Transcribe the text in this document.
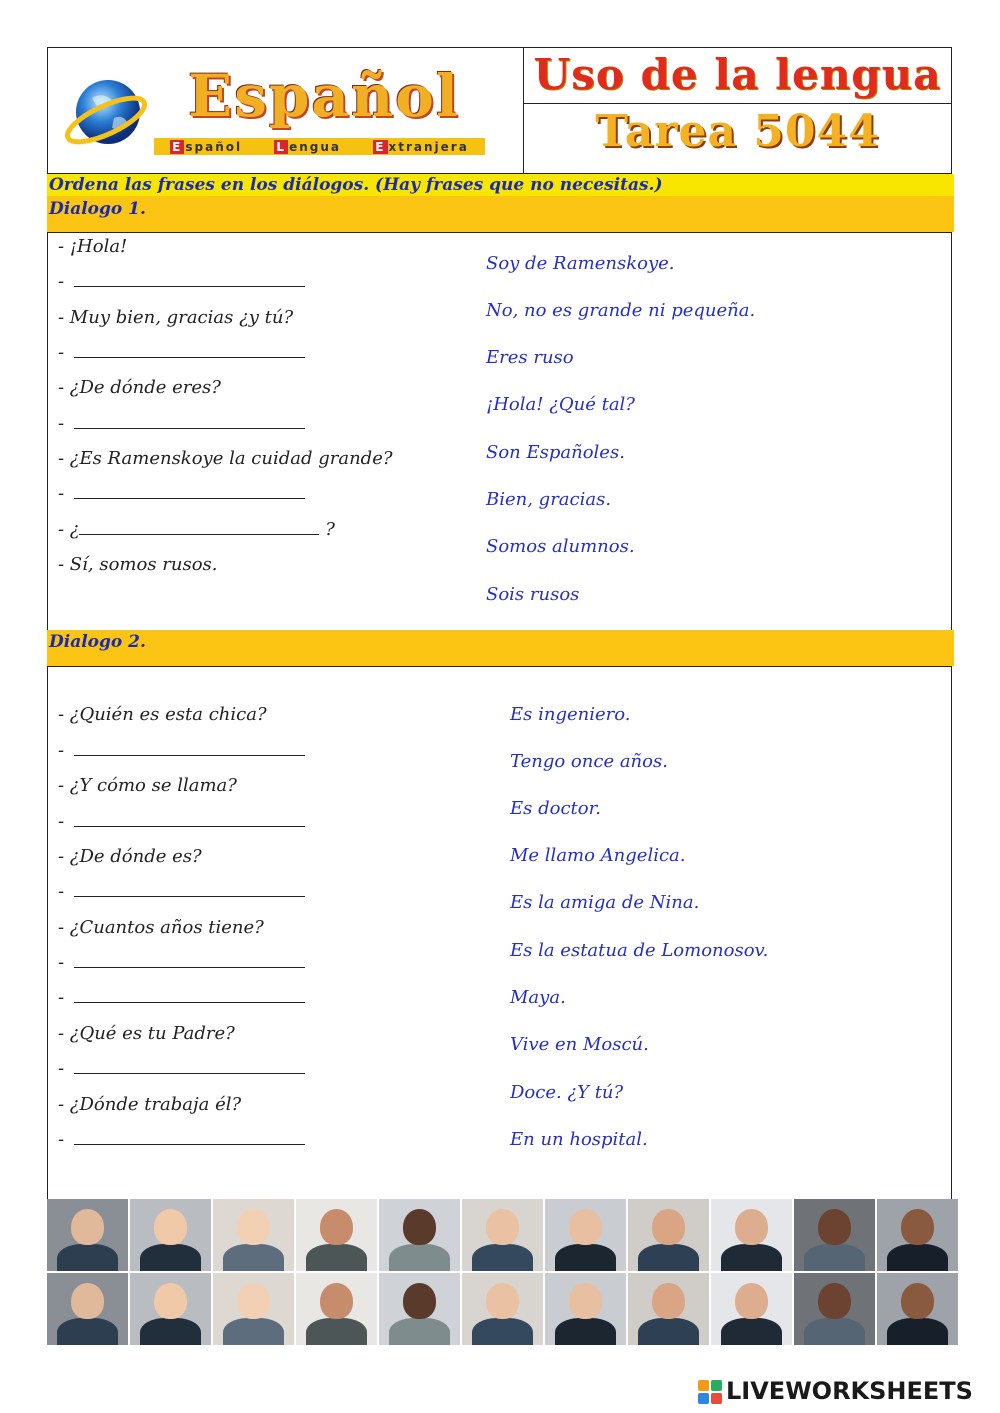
Español
E spañol	L engua	E xtranjera
Uso de la lengua
Tarea 5044
Ordena las frases en los diálogos. (Hay frases que no necesitas.)
Dialogo 1.
- ¡Hola!
-
- Muy bien, gracias ¿y tú?
-
- ¿De dónde eres?
-
- ¿Es Ramenskoye la cuidad grande?
-
- ¿	?
- Sí, somos rusos.
Soy de Ramenskoye.
No, no es grande ni pequeña.
Eres ruso
¡Hola! ¿Qué tal?
Son Españoles.
Bien, gracias.
Somos alumnos.
Sois rusos
Dialogo 2.
- ¿Quién es esta chica?
-
- ¿Y cómo se llama?
-
- ¿De dónde es?
-
- ¿Cuantos años tiene?
-
-
- ¿Qué es tu Padre?
-
- ¿Dónde trabaja él?
-
Es ingeniero.
Tengo once años.
Es doctor.
Me llamo Angelica.
Es la amiga de Nina.
Es la estatua de Lomonosov.
Maya.
Vive en Moscú.
Doce. ¿Y tú?
En un hospital.
LIVEWORKSHEETS
